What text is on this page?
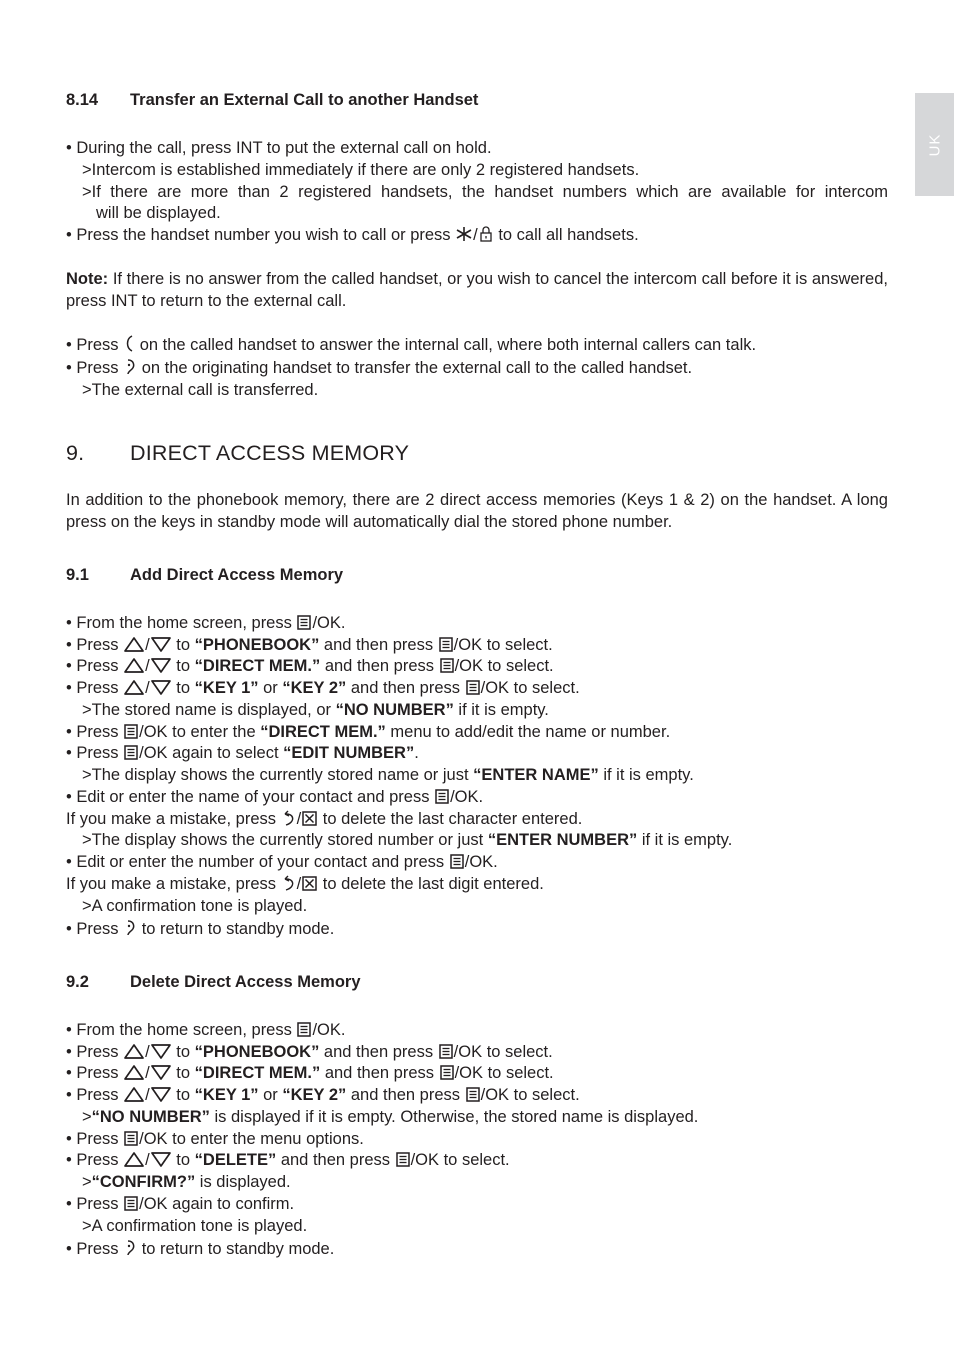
UK
8.14 Transfer an External Call to another Handset
• During the call, press INT to put the external call on hold.
>Intercom is established immediately if there are only 2 registered handsets.
>If there are more than 2 registered handsets, the handset numbers which are available for intercom
will be displayed.
• Press the handset number you wish to call or press
/
to call all handsets.
Note: If there is no answer from the called handset, or you wish to cancel the intercom call before it is answered, press INT to return to the external call.
• Press
on the called handset to answer the internal call, where both internal callers can talk.
• Press
on the originating handset to transfer the external call to the called handset.
>The external call is transferred.
9. DIRECT ACCESS MEMORY
In addition to the phonebook memory, there are 2 direct access memories (Keys 1 & 2) on the handset. A long press on the keys in standby mode will automatically dial the stored phone number.
9.1 Add Direct Access Memory
• From the home screen, press
/OK.
• Press
/
to “PHONEBOOK” and then press
/OK to select.
• Press
/
to “DIRECT MEM.” and then press
/OK to select.
• Press
/
to “KEY 1” or “KEY 2” and then press
/OK to select.
>The stored name is displayed, or “NO NUMBER” if it is empty.
• Press
/OK to enter the “DIRECT MEM.” menu to add/edit the name or number.
• Press
/OK again to select “EDIT NUMBER”.
>The display shows the currently stored name or just “ENTER NAME” if it is empty.
• Edit or enter the name of your contact and press
/OK.
If you make a mistake, press
/
to delete the last character entered.
>The display shows the currently stored number or just “ENTER NUMBER” if it is empty.
• Edit or enter the number of your contact and press
/OK.
If you make a mistake, press
/
to delete the last digit entered.
>A confirmation tone is played.
• Press
to return to standby mode.
9.2 Delete Direct Access Memory
• From the home screen, press
/OK.
• Press
/
to “PHONEBOOK” and then press
/OK to select.
• Press
/
to “DIRECT MEM.” and then press
/OK to select.
• Press
/
to “KEY 1” or “KEY 2” and then press
/OK to select.
>“NO NUMBER” is displayed if it is empty. Otherwise, the stored name is displayed.
• Press
/OK to enter the menu options.
• Press
/
to “DELETE” and then press
/OK to select.
>“CONFIRM?” is displayed.
• Press
/OK again to confirm.
>A confirmation tone is played.
• Press
to return to standby mode.
